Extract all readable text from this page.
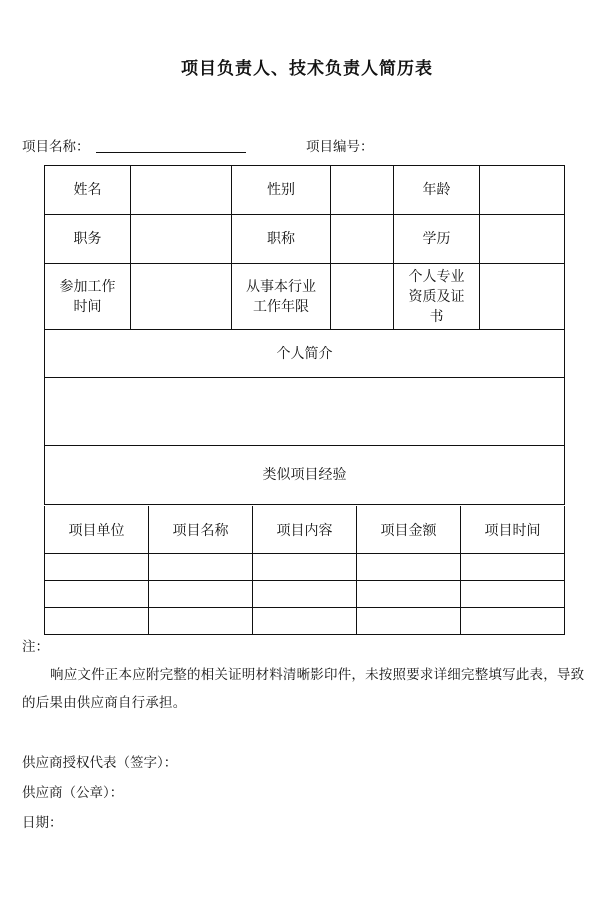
项目负责人、技术负责人简历表
项目名称：	项目编号：
姓名		性别		年龄	
职务		职称		学历	
参加工作时间		从事本行业工作年限		个人专业资质及证书	
个人简介					

类似项目经验					
项目单位	项目名称	项目内容	项目金额	项目时间

注：
响应文件正本应附完整的相关证明材料清晰影印件，未按照要求详细完整填写此表，导致的后果由供应商自行承担。
供应商授权代表（签字）：
供应商（公章）：
日期：
